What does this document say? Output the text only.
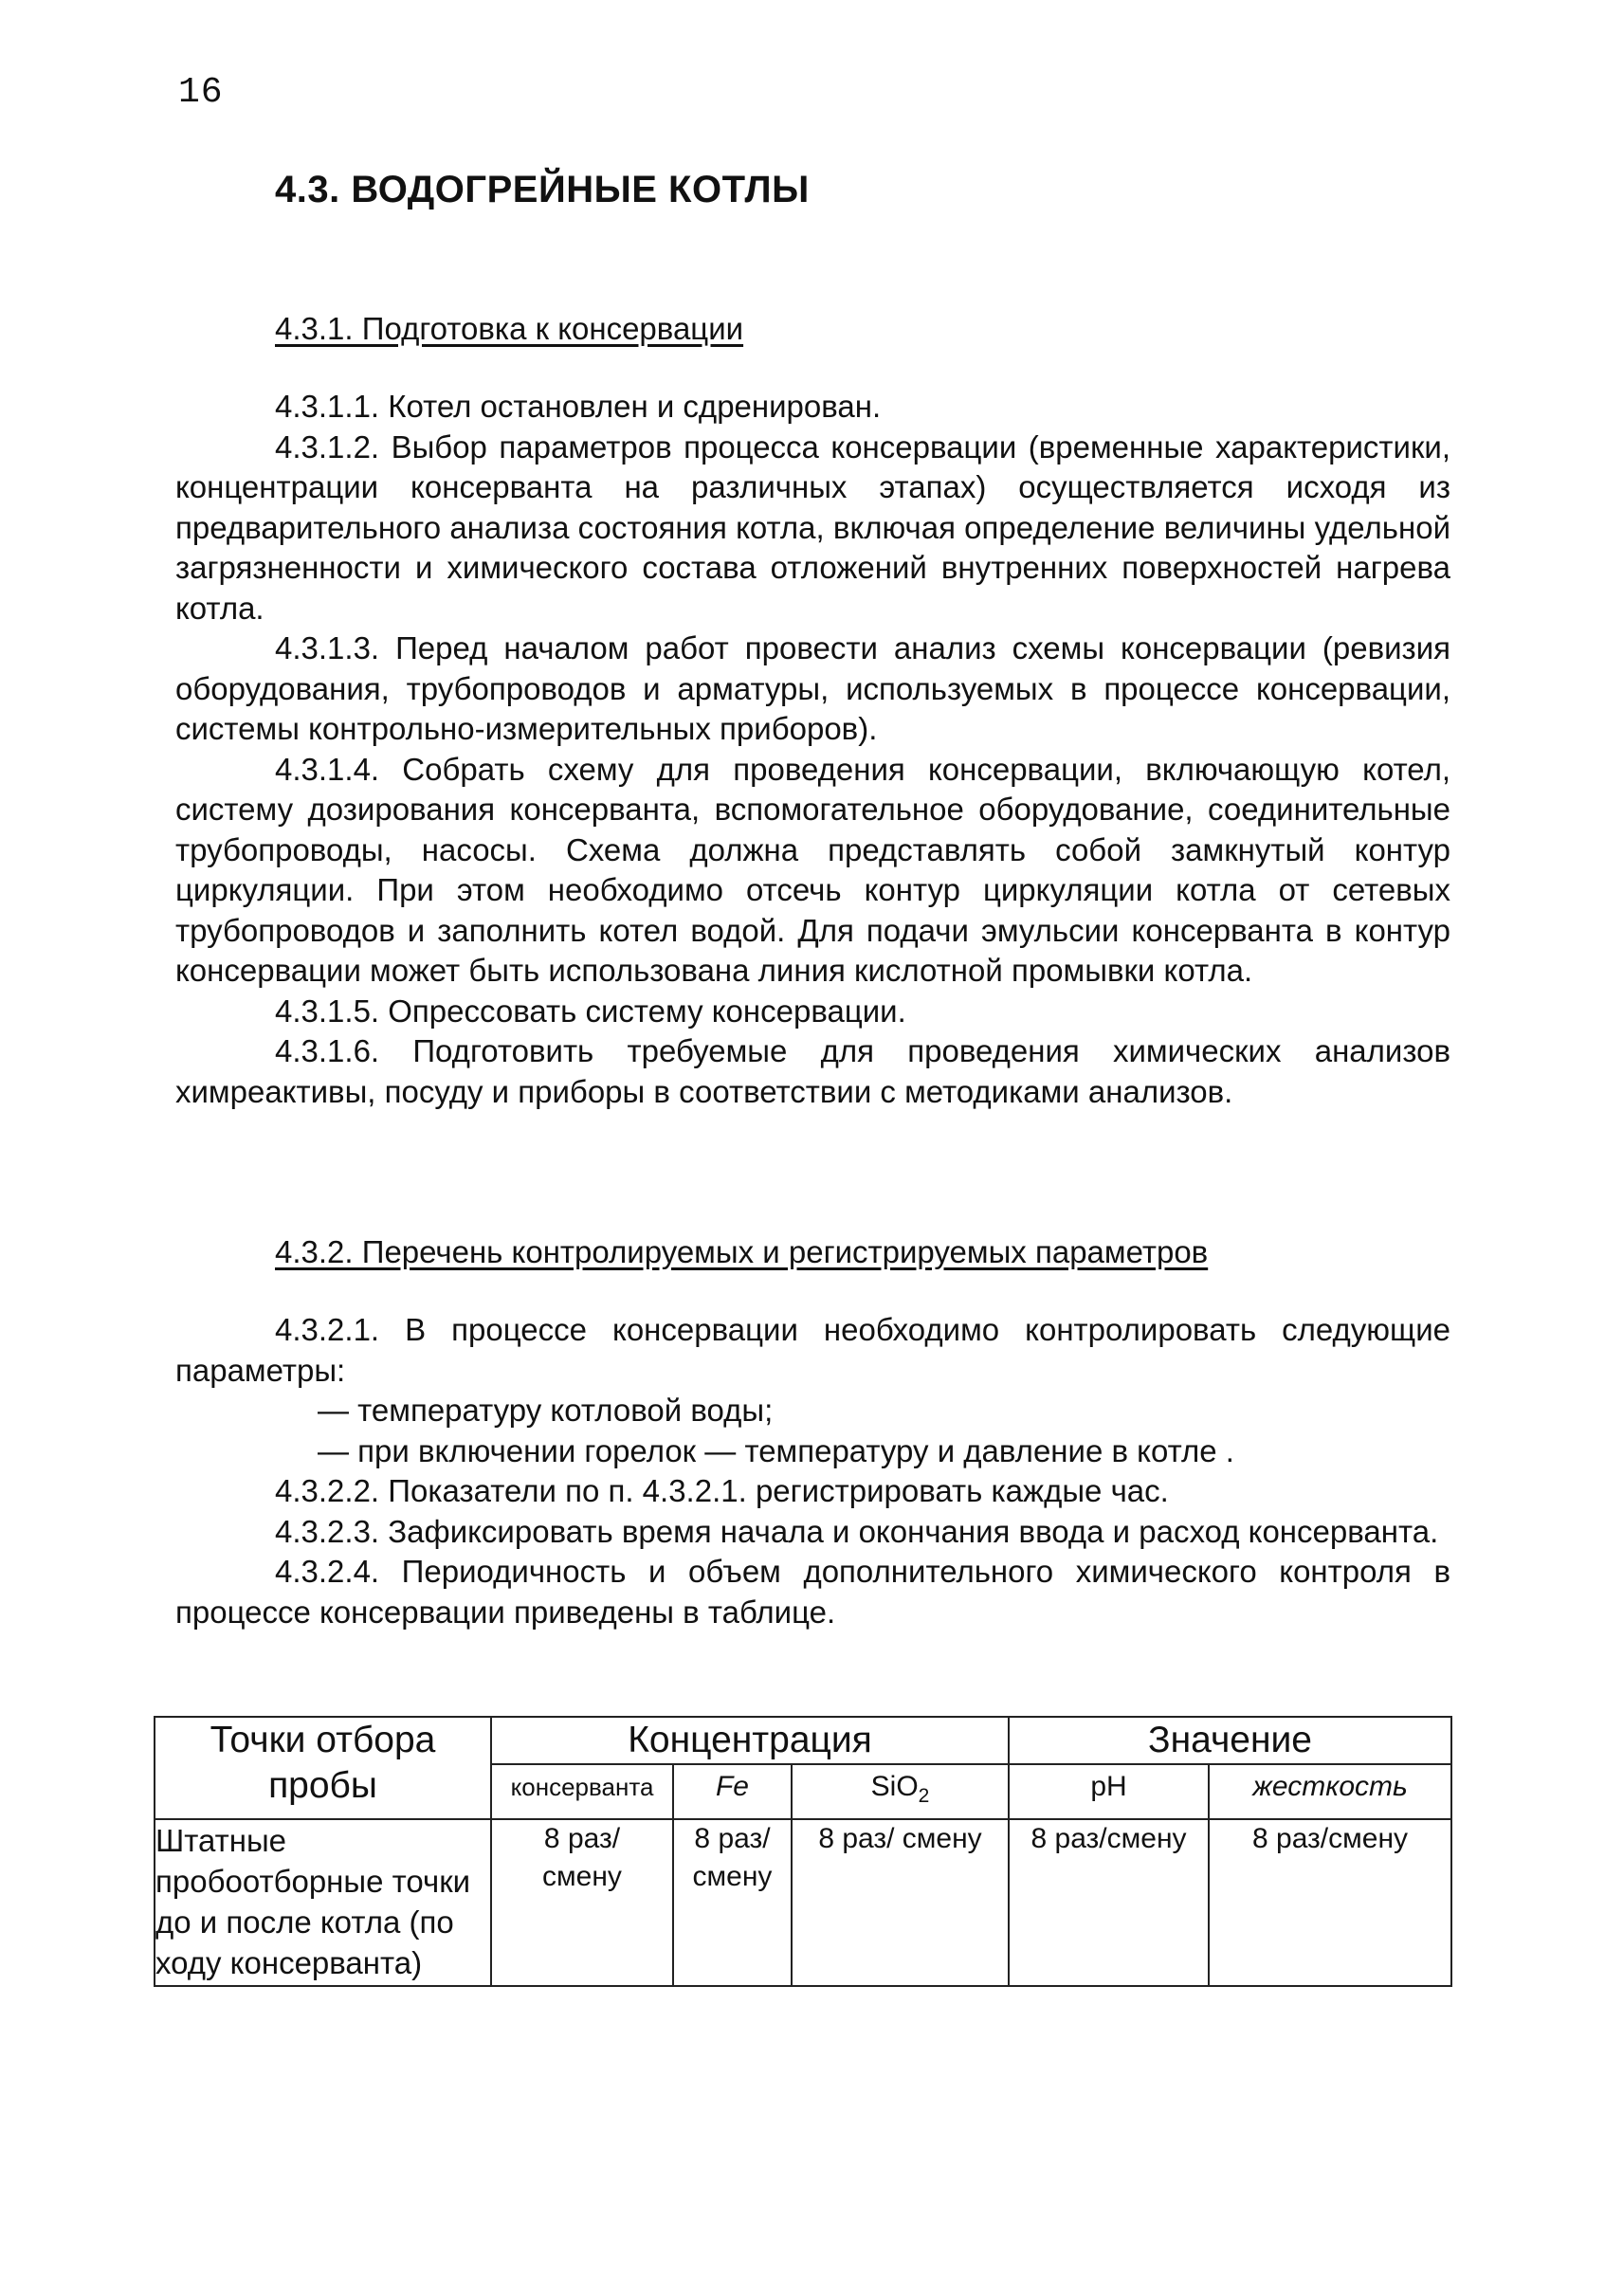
16
4.3. ВОДОГРЕЙНЫЕ КОТЛЫ
4.3.1. Подготовка к консервации

4.3.1.1. Котел остановлен и сдренирован.

4.3.1.2. Выбор параметров процесса консервации (временные характеристики, концентрации консерванта на различных этапах) осуществляется исходя из предварительного анализа состояния котла, включая определение величины удельной загрязненности и химического состава отложений внутренних поверхностей нагрева котла.

4.3.1.3. Перед началом работ провести анализ схемы консервации (ревизия оборудования, трубопроводов и арматуры, используемых в процессе консервации, системы контрольно-измерительных приборов).

4.3.1.4. Собрать схему для проведения консервации, включающую котел, систему дозирования консерванта, вспомогательное оборудование, соединительные трубопроводы, насосы. Схема должна представлять собой замкнутый контур циркуляции. При этом необходимо отсечь контур циркуляции котла от сетевых трубопроводов и заполнить котел водой. Для подачи эмульсии консерванта в контур консервации может быть использована линия кислотной промывки котла.

4.3.1.5. Опрессовать систему консервации.

4.3.1.6. Подготовить требуемые для проведения химических анализов химреактивы, посуду и приборы в соответствии с методиками анализов.

4.3.2. Перечень контролируемых и регистрируемых параметров

4.3.2.1. В процессе консервации необходимо контролировать следующие параметры:

— температуру котловой воды;

— при включении горелок — температуру и давление в котле .

4.3.2.2. Показатели по п. 4.3.2.1. регистрировать каждые час.

4.3.2.3. Зафиксировать время начала и окончания ввода и расход консерванта.

4.3.2.4. Периодичность и объем дополнительного химического контроля в процессе консервации приведены в таблице.

Точки отбора пробы	Концентрация			Значение	
	консерванта	Fe	SiO$_2$	pH	жесткость
Штатные пробоотборные точки до и после котла (по ходу консерванта)	8 раз/ смену	8 раз/ смену	8 раз/ смену	8 раз/смену	8 раз/смену
